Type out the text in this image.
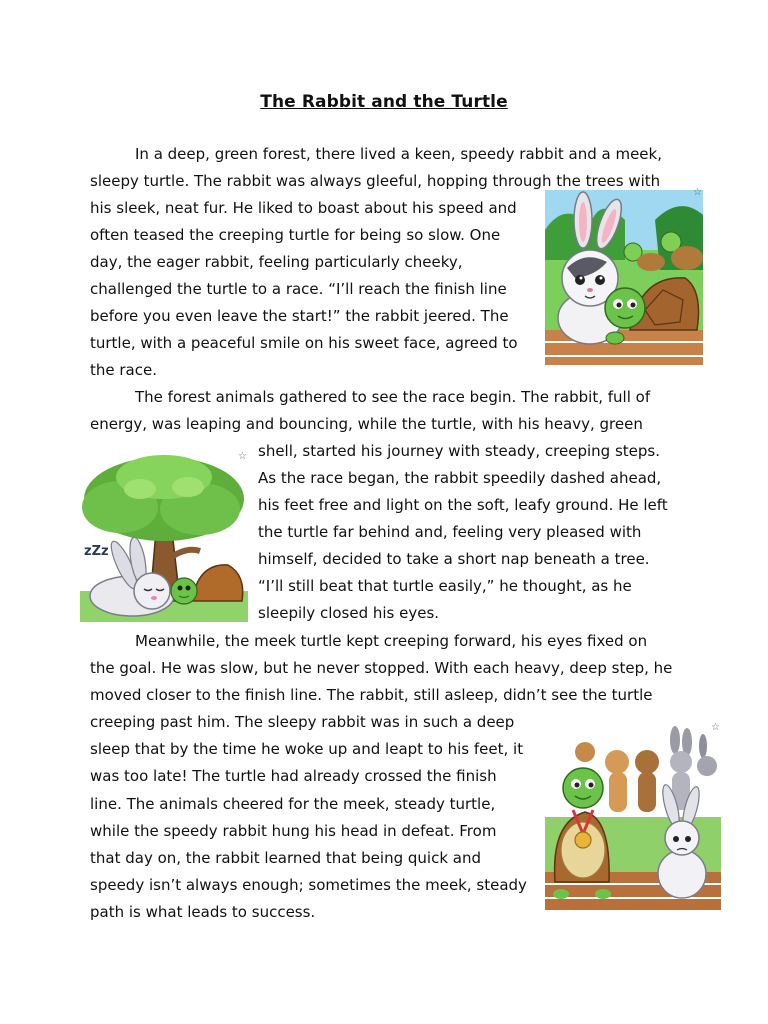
The Rabbit and the Turtle

In a deep, green forest, there lived a keen, speedy rabbit and a meek,

sleepy turtle. The rabbit was always gleeful, hopping through the trees with

his sleek, neat fur. He liked to boast about his speed and

often teased the creeping turtle for being so slow. One

day, the eager rabbit, feeling particularly cheeky,

challenged the turtle to a race. “I’ll reach the finish line

before you even leave the start!” the rabbit jeered. The

turtle, with a peaceful smile on his sweet face, agreed to

the race.

The forest animals gathered to see the race begin. The rabbit, full of

energy, was leaping and bouncing, while the turtle, with his heavy, green

shell, started his journey with steady, creeping steps.

As the race began, the rabbit speedily dashed ahead,

his feet free and light on the soft, leafy ground. He left

the turtle far behind and, feeling very pleased with

himself, decided to take a short nap beneath a tree.

“I’ll still beat that turtle easily,” he thought, as he

sleepily closed his eyes.

Meanwhile, the meek turtle kept creeping forward, his eyes fixed on

the goal. He was slow, but he never stopped. With each heavy, deep step, he

moved closer to the finish line. The rabbit, still asleep, didn’t see the turtle

creeping past him. The sleepy rabbit was in such a deep

sleep that by the time he woke up and leapt to his feet, it

was too late! The turtle had already crossed the finish

line. The animals cheered for the meek, steady turtle,

while the speedy rabbit hung his head in defeat. From

that day on, the rabbit learned that being quick and

speedy isn’t always enough; sometimes the meek, steady

path is what leads to success.

☆
zZz
☆
☆
